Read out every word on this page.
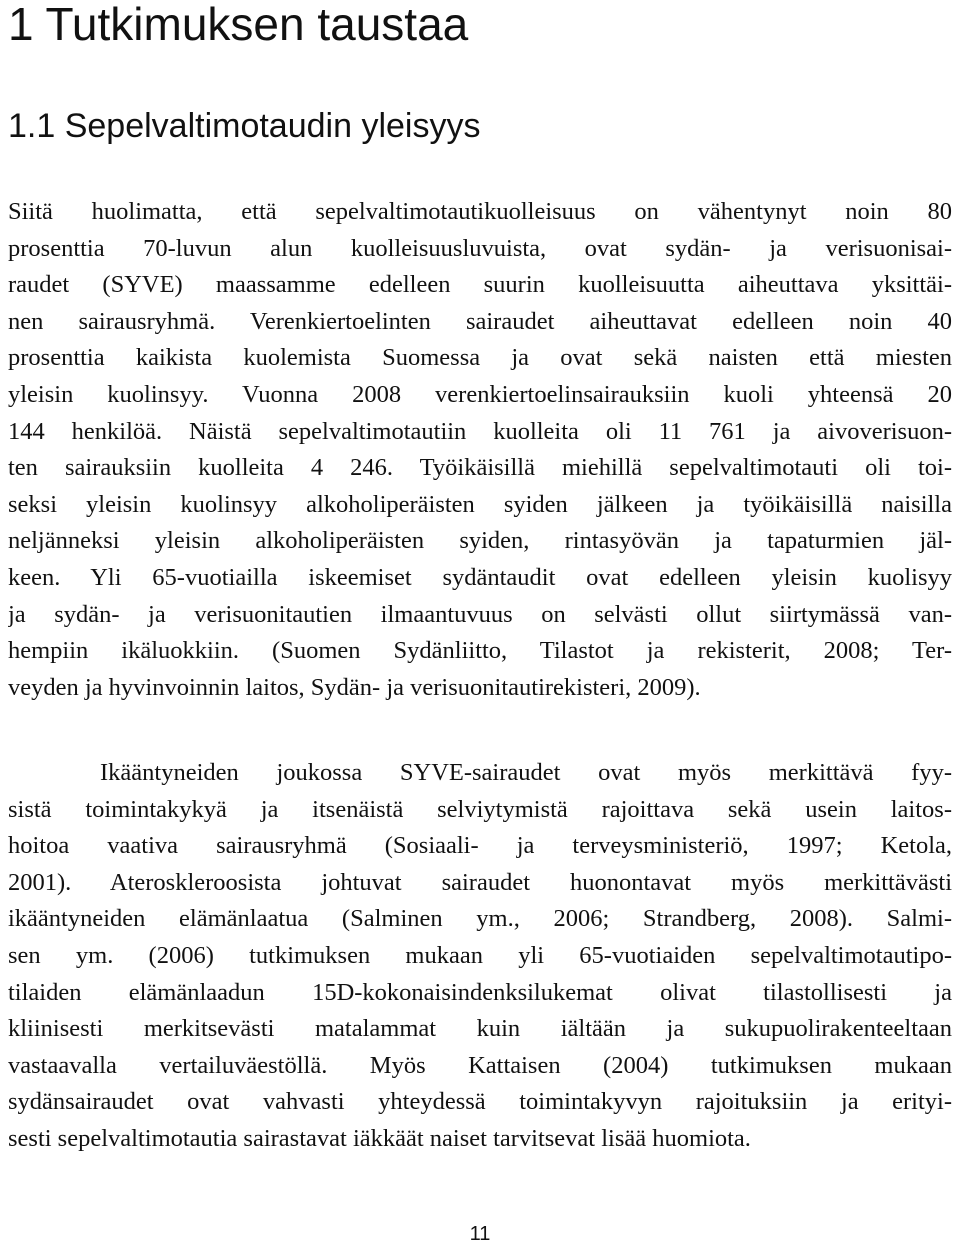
1 Tutkimuksen taustaa
1.1 Sepelvaltimotaudin yleisyys
Siitä huolimatta, että sepelvaltimotautikuolleisuus on vähentynyt noin 80
prosenttia 70-luvun alun kuolleisuusluvuista, ovat sydän- ja verisuonisai-
raudet (SYVE) maassamme edelleen suurin kuolleisuutta aiheuttava yksittäi-
nen sairausryhmä. Verenkiertoelinten sairaudet aiheuttavat edelleen noin 40
prosenttia kaikista kuolemista Suomessa ja ovat sekä naisten että miesten
yleisin kuolinsyy. Vuonna 2008 verenkiertoelinsairauksiin kuoli yhteensä 20
144 henkilöä. Näistä sepelvaltimotautiin kuolleita oli 11 761 ja aivoverisuon-
ten sairauksiin kuolleita 4 246. Työikäisillä miehillä sepelvaltimotauti oli toi-
seksi yleisin kuolinsyy alkoholiperäisten syiden jälkeen ja työikäisillä naisilla
neljänneksi yleisin alkoholiperäisten syiden, rintasyövän ja tapaturmien jäl-
keen. Yli 65-vuotiailla iskeemiset sydäntaudit ovat edelleen yleisin kuolisyy
ja sydän- ja verisuonitautien ilmaantuvuus on selvästi ollut siirtymässä van-
hempiin ikäluokkiin. (Suomen Sydänliitto, Tilastot ja rekisterit, 2008; Ter-
veyden ja hyvinvoinnin laitos, Sydän- ja verisuonitautirekisteri, 2009).
Ikääntyneiden joukossa SYVE-sairaudet ovat myös merkittävä fyy-
sistä toimintakykyä ja itsenäistä selviytymistä rajoittava sekä usein laitos-
hoitoa vaativa sairausryhmä (Sosiaali- ja terveysministeriö, 1997; Ketola,
2001). Ateroskleroosista johtuvat sairaudet huonontavat myös merkittävästi
ikääntyneiden elämänlaatua (Salminen ym., 2006; Strandberg, 2008). Salmi-
sen ym. (2006) tutkimuksen mukaan yli 65-vuotiaiden sepelvaltimotautipo-
tilaiden elämänlaadun 15D-kokonaisindenksilukemat olivat tilastollisesti ja
kliinisesti merkitsevästi matalammat kuin iältään ja sukupuolirakenteeltaan
vastaavalla vertailuväestöllä. Myös Kattaisen (2004) tutkimuksen mukaan
sydänsairaudet ovat vahvasti yhteydessä toimintakyvyn rajoituksiin ja erityi-
sesti sepelvaltimotautia sairastavat iäkkäät naiset tarvitsevat lisää huomiota.
11
